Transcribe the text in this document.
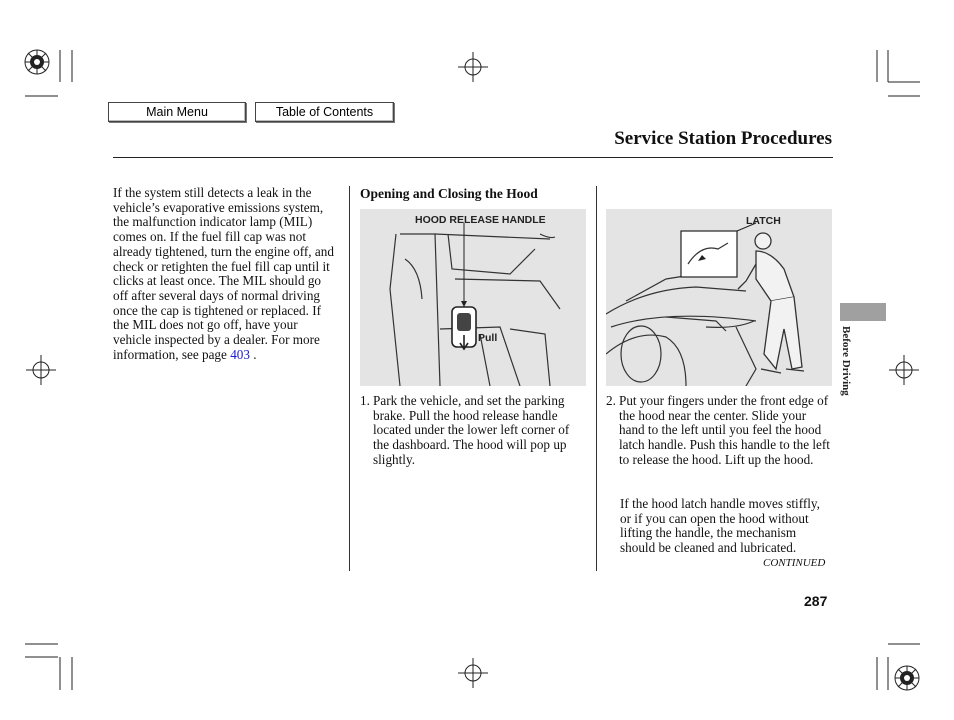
Main Menu	Table of Contents
Service Station Procedures
If the system still detects a leak in the vehicle’s evaporative emissions system, the malfunction indicator lamp (MIL) comes on. If the fuel fill cap was not already tightened, turn the engine off, and check or retighten the fuel fill cap until it clicks at least once. The MIL should go off after several days of normal driving once the cap is tightened or replaced. If the MIL does not go off, have your vehicle inspected by a dealer. For more information, see page 403 .
Opening and Closing the Hood
HOOD RELEASE HANDLE
Pull
LATCH
1. Park the vehicle, and set the parking brake. Pull the hood release handle located under the lower left corner of the dashboard. The hood will pop up slightly.
2. Put your fingers under the front edge of the hood near the center. Slide your hand to the left until you feel the hood latch handle. Push this handle to the left to release the hood. Lift up the hood.
If the hood latch handle moves stiffly, or if you can open the hood without lifting the handle, the mechanism should be cleaned and lubricated.
CONTINUED
287
Before Driving
